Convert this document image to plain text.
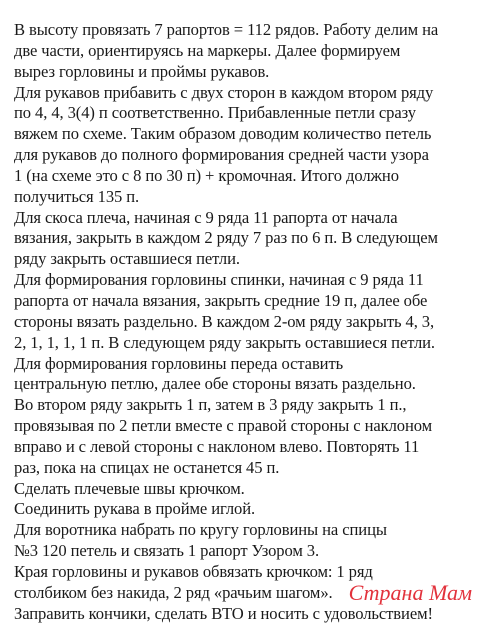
В высоту провязать 7 рапортов = 112 рядов. Работу делим на
две части, ориентируясь на маркеры. Далее формируем
вырез горловины и проймы рукавов.
Для рукавов прибавить с двух сторон в каждом втором ряду
по 4, 4, 3(4) п соответственно. Прибавленные петли сразу
вяжем по схеме. Таким образом доводим количество петель
для рукавов до полного формирования средней части узора
1 (на схеме это с 8 по 30 п) + кромочная. Итого должно
получиться 135 п.
Для скоса плеча, начиная с 9 ряда 11 рапорта от начала
вязания, закрыть в каждом 2 ряду 7 раз по 6 п. В следующем
ряду закрыть оставшиеся петли.
Для формирования горловины спинки, начиная с 9 ряда 11
рапорта от начала вязания, закрыть средние 19 п, далее обе
стороны вязать раздельно. В каждом 2-ом ряду закрыть 4, 3,
2, 1, 1, 1, 1 п. В следующем ряду закрыть оставшиеся петли.
Для формирования горловины переда оставить
центральную петлю, далее обе стороны вязать раздельно.
Во втором ряду закрыть 1 п, затем в 3 ряду закрыть 1 п.,
провязывая по 2 петли вместе с правой стороны с наклоном
вправо и с левой стороны с наклоном влево. Повторять 11
раз, пока на спицах не останется 45 п.
Сделать плечевые швы крючком.
Соединить рукава в пройме иглой.
Для воротника набрать по кругу горловины на спицы
№3 120 петель и связать 1 рапорт Узором 3.
Края горловины и рукавов обвязать крючком: 1 ряд
столбиком без накида, 2 ряд «рачьим шагом».
Заправить кончики, сделать ВТО и носить с удовольствием!

Страна Мам
